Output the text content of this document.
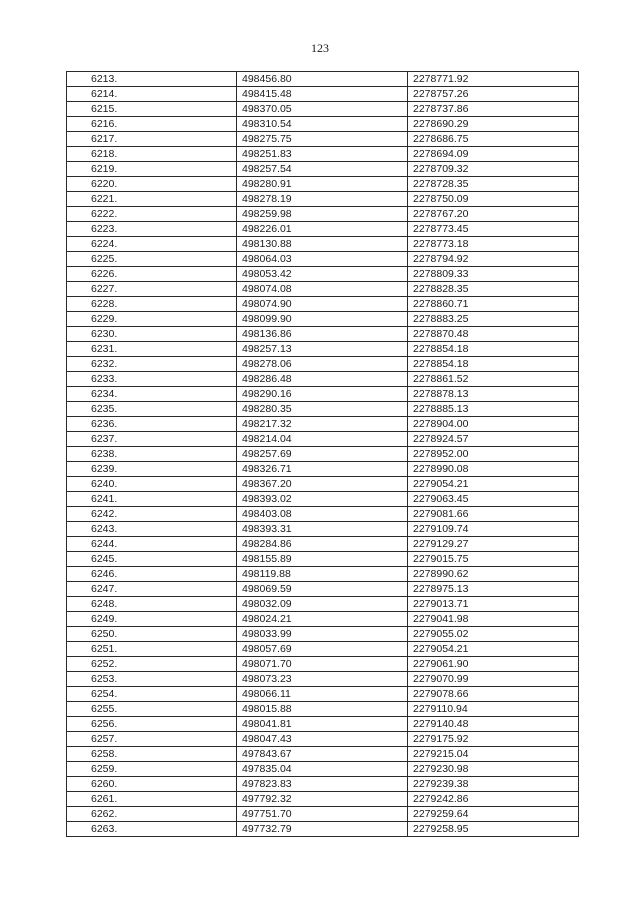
123
6213.	498456.80	2278771.92
6214.	498415.48	2278757.26
6215.	498370.05	2278737.86
6216.	498310.54	2278690.29
6217.	498275.75	2278686.75
6218.	498251.83	2278694.09
6219.	498257.54	2278709.32
6220.	498280.91	2278728.35
6221.	498278.19	2278750.09
6222.	498259.98	2278767.20
6223.	498226.01	2278773.45
6224.	498130.88	2278773.18
6225.	498064.03	2278794.92
6226.	498053.42	2278809.33
6227.	498074.08	2278828.35
6228.	498074.90	2278860.71
6229.	498099.90	2278883.25
6230.	498136.86	2278870.48
6231.	498257.13	2278854.18
6232.	498278.06	2278854.18
6233.	498286.48	2278861.52
6234.	498290.16	2278878.13
6235.	498280.35	2278885.13
6236.	498217.32	2278904.00
6237.	498214.04	2278924.57
6238.	498257.69	2278952.00
6239.	498326.71	2278990.08
6240.	498367.20	2279054.21
6241.	498393.02	2279063.45
6242.	498403.08	2279081.66
6243.	498393.31	2279109.74
6244.	498284.86	2279129.27
6245.	498155.89	2279015.75
6246.	498119.88	2278990.62
6247.	498069.59	2278975.13
6248.	498032.09	2279013.71
6249.	498024.21	2279041.98
6250.	498033.99	2279055.02
6251.	498057.69	2279054.21
6252.	498071.70	2279061.90
6253.	498073.23	2279070.99
6254.	498066.11	2279078.66
6255.	498015.88	2279110.94
6256.	498041.81	2279140.48
6257.	498047.43	2279175.92
6258.	497843.67	2279215.04
6259.	497835.04	2279230.98
6260.	497823.83	2279239.38
6261.	497792.32	2279242.86
6262.	497751.70	2279259.64
6263.	497732.79	2279258.95
